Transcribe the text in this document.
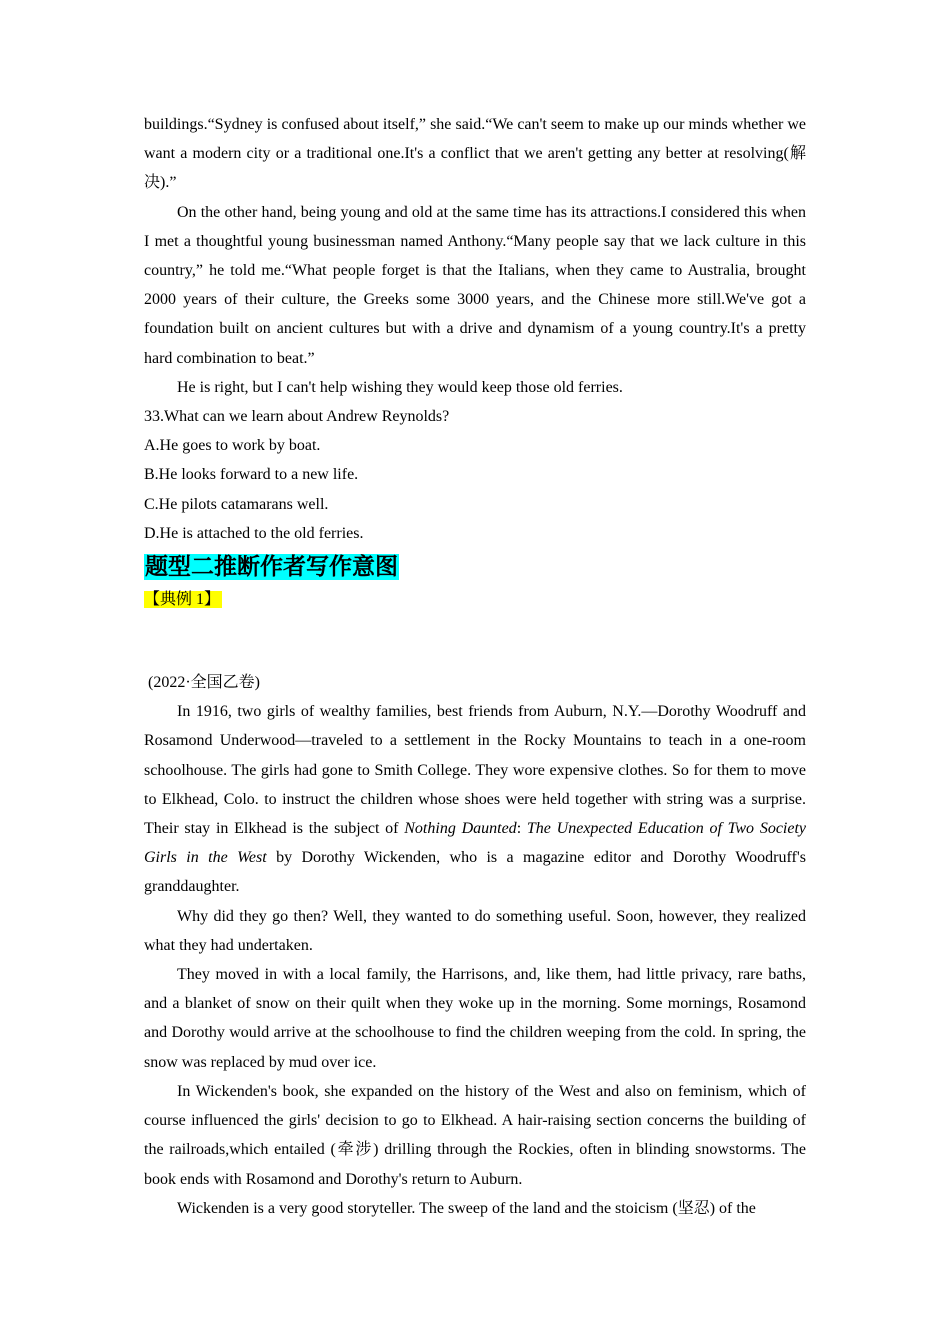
buildings.“Sydney is confused about itself,” she said.“We can't seem to make up our minds whether we want a modern city or a traditional one.It's a conflict that we aren't getting any better at resolving(解决).”

On the other hand, being young and old at the same time has its attractions.I considered this when I met a thoughtful young businessman named Anthony.“Many people say that we lack culture in this country,” he told me.“What people forget is that the Italians, when they came to Australia, brought 2000 years of their culture, the Greeks some 3000 years, and the Chinese more still.We've got a foundation built on ancient cultures but with a drive and dynamism of a young country.It's a pretty hard combination to beat.”

He is right, but I can't help wishing they would keep those old ferries.

33.What can we learn about Andrew Reynolds?

A.He goes to work by boat.

B.He looks forward to a new life.

C.He pilots catamarans well.

D.He is attached to the old ferries.

题型二推断作者写作意图
【典例 1】

(2022·全国乙卷)

In 1916, two girls of wealthy families, best friends from Auburn, N.Y.—Dorothy Woodruff and Rosamond Underwood—traveled to a settlement in the Rocky Mountains to teach in a one-room schoolhouse. The girls had gone to Smith College. They wore expensive clothes. So for them to move to Elkhead, Colo. to instruct the children whose shoes were held together with string was a surprise. Their stay in Elkhead is the subject of Nothing Daunted: The Unexpected Education of Two Society Girls in the West by Dorothy Wickenden, who is a magazine editor and Dorothy Woodruff's granddaughter.

Why did they go then? Well, they wanted to do something useful. Soon, however, they realized what they had undertaken.

They moved in with a local family, the Harrisons, and, like them, had little privacy, rare baths, and a blanket of snow on their quilt when they woke up in the morning. Some mornings, Rosamond and Dorothy would arrive at the schoolhouse to find the children weeping from the cold. In spring, the snow was replaced by mud over ice.

In Wickenden's book, she expanded on the history of the West and also on feminism, which of course influenced the girls' decision to go to Elkhead. A hair-raising section concerns the building of the railroads,which entailed (牵涉) drilling through the Rockies, often in blinding snowstorms. The book ends with Rosamond and Dorothy's return to Auburn.

Wickenden is a very good storyteller. The sweep of the land and the stoicism (坚忍) of the
